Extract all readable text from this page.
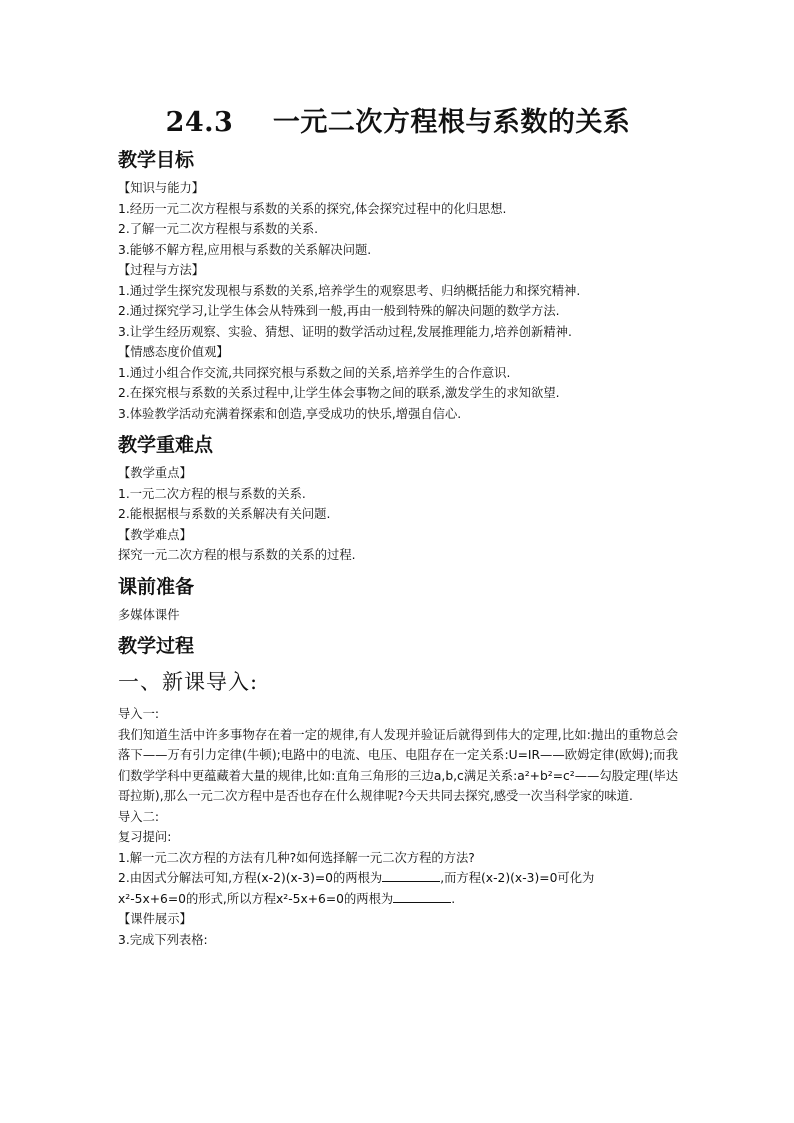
24.3    一元二次方程根与系数的关系
教学目标

【知识与能力】

1.经历一元二次方程根与系数的关系的探究,体会探究过程中的化归思想.

2.了解一元二次方程根与系数的关系.

3.能够不解方程,应用根与系数的关系解决问题.

【过程与方法】

1.通过学生探究发现根与系数的关系,培养学生的观察思考、归纳概括能力和探究精神.

2.通过探究学习,让学生体会从特殊到一般,再由一般到特殊的解决问题的数学方法.

3.让学生经历观察、实验、猜想、证明的数学活动过程,发展推理能力,培养创新精神.

【情感态度价值观】

1.通过小组合作交流,共同探究根与系数之间的关系,培养学生的合作意识.

2.在探究根与系数的关系过程中,让学生体会事物之间的联系,激发学生的求知欲望.

3.体验教学活动充满着探索和创造,享受成功的快乐,增强自信心.

教学重难点

【教学重点】

1.一元二次方程的根与系数的关系.

2.能根据根与系数的关系解决有关问题.

【教学难点】

探究一元二次方程的根与系数的关系的过程.

课前准备

多媒体课件

教学过程
一、新课导入:

导入一:

我们知道生活中许多事物存在着一定的规律,有人发现并验证后就得到伟大的定理,比如:抛出的重物总会落下——万有引力定律(牛顿);电路中的电流、电压、电阻存在一定关系:U=IR——欧姆定律(欧姆);而我们数学学科中更蕴藏着大量的规律,比如:直角三角形的三边a,b,c满足关系:a²+b²=c²——勾股定理(毕达哥拉斯),那么一元二次方程中是否也存在什么规律呢?今天共同去探究,感受一次当科学家的味道.

导入二:

复习提问:

1.解一元二次方程的方法有几种?如何选择解一元二次方程的方法?

2.由因式分解法可知,方程(x-2)(x-3)=0的两根为	,而方程(x-2)(x-3)=0可化为
x²-5x+6=0的形式,所以方程x²-5x+6=0的两根为	.

【课件展示】

3.完成下列表格:
